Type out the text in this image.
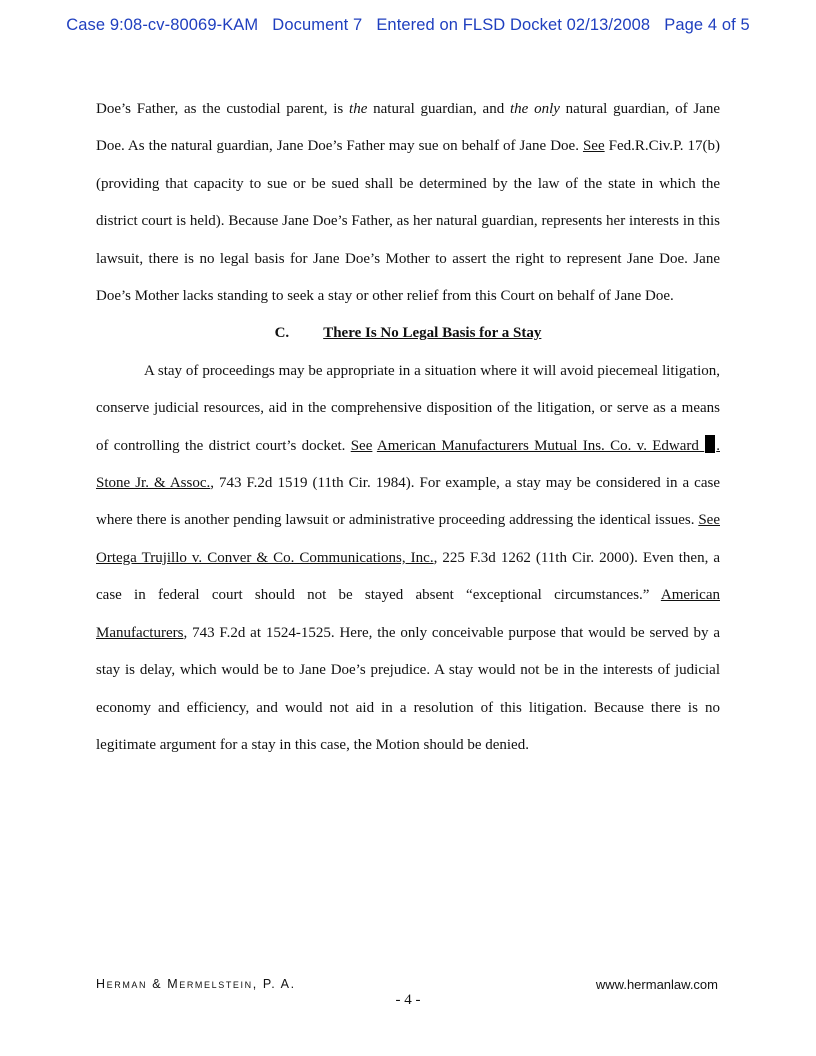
Case 9:08-cv-80069-KAM   Document 7   Entered on FLSD Docket 02/13/2008   Page 4 of 5

Doe’s Father, as the custodial parent, is the natural guardian, and the only natural guardian, of Jane Doe. As the natural guardian, Jane Doe’s Father may sue on behalf of Jane Doe. See Fed.R.Civ.P. 17(b) (providing that capacity to sue or be sued shall be determined by the law of the state in which the district court is held). Because Jane Doe’s Father, as her natural guardian, represents her interests in this lawsuit, there is no legal basis for Jane Doe’s Mother to assert the right to represent Jane Doe. Jane Doe’s Mother lacks standing to seek a stay or other relief from this Court on behalf of Jane Doe.

C. There Is No Legal Basis for a Stay

A stay of proceedings may be appropriate in a situation where it will avoid piecemeal litigation, conserve judicial resources, aid in the comprehensive disposition of the litigation, or serve as a means of controlling the district court’s docket. See American Manufacturers Mutual Ins. Co. v. Edward . Stone Jr. & Assoc., 743 F.2d 1519 (11th Cir. 1984). For example, a stay may be considered in a case where there is another pending lawsuit or administrative proceeding addressing the identical issues. See Ortega Trujillo v. Conver & Co. Communications, Inc., 225 F.3d 1262 (11th Cir. 2000). Even then, a case in federal court should not be stayed absent “exceptional circumstances.” American Manufacturers, 743 F.2d at 1524-1525. Here, the only conceivable purpose that would be served by a stay is delay, which would be to Jane Doe’s prejudice. A stay would not be in the interests of judicial economy and efficiency, and would not aid in a resolution of this litigation. Because there is no legitimate argument for a stay in this case, the Motion should be denied.

Herman & Mermelstein, P. A.	www.hermanlaw.com
- 4 -
